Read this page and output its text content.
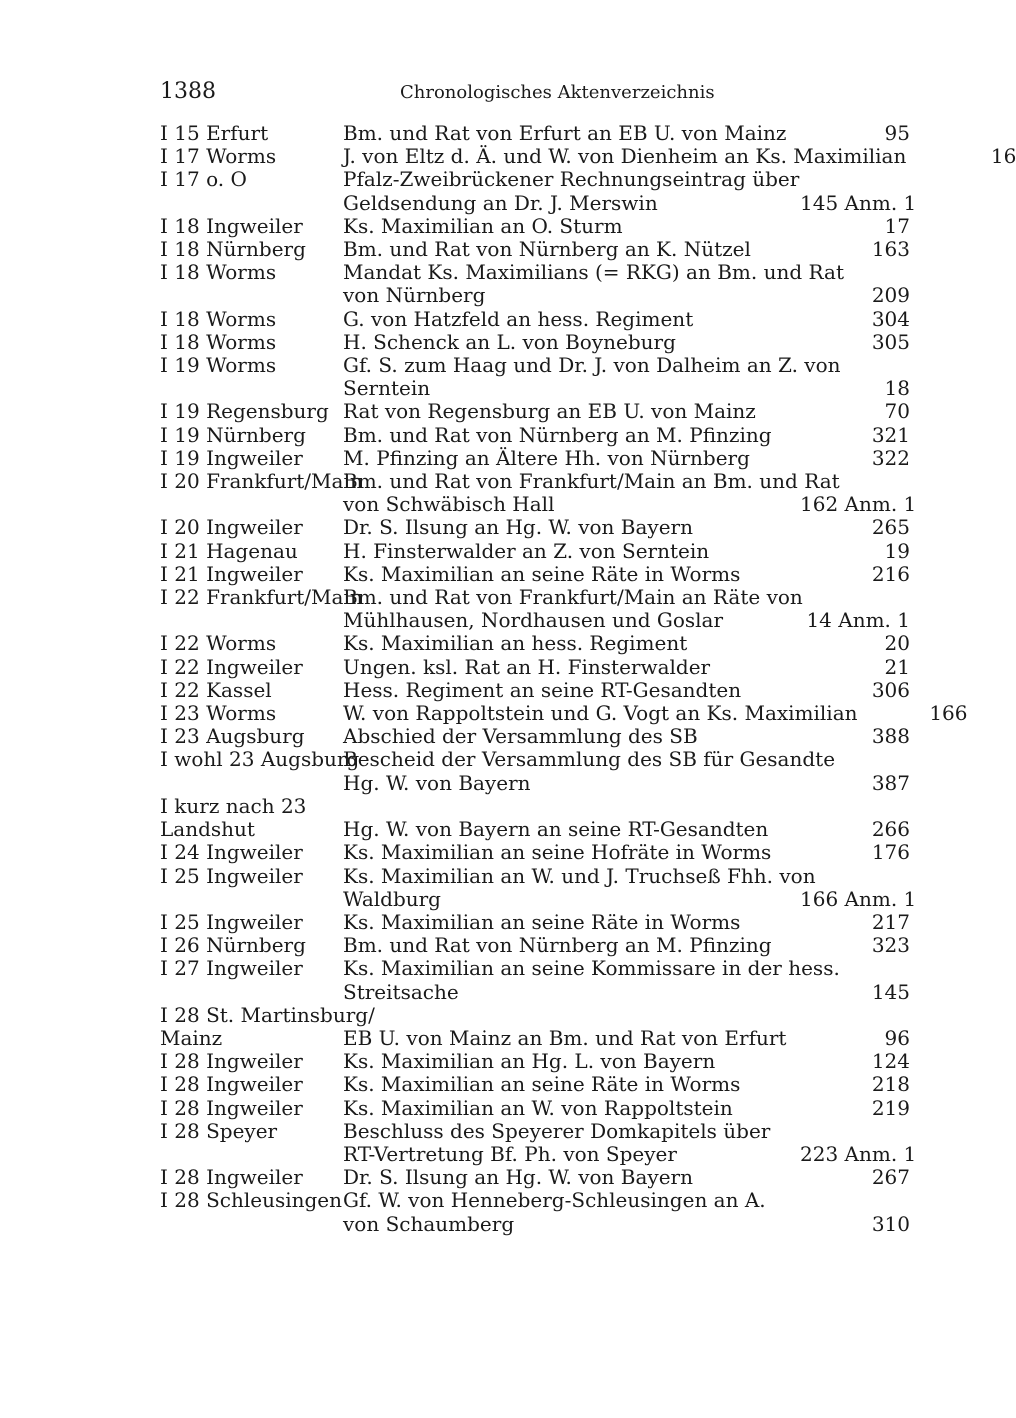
1388	Chronologisches Aktenverzeichnis
I 15 Erfurt	Bm. und Rat von Erfurt an EB U. von Mainz	95
I 17 Worms	J. von Eltz d. Ä. und W. von Dienheim an Ks. Maximilian	16
I 17 o. O	Pfalz-Zweibrückener Rechnungseintrag über

Geldsendung an Dr. J. Merswin	145 Anm. 1
I 18 Ingweiler	Ks. Maximilian an O. Sturm	17
I 18 Nürnberg	Bm. und Rat von Nürnberg an K. Nützel	163
I 18 Worms	Mandat Ks. Maximilians (= RKG) an Bm. und Rat

von Nürnberg	209
I 18 Worms	G. von Hatzfeld an hess. Regiment	304
I 18 Worms	H. Schenck an L. von Boyneburg	305
I 19 Worms	Gf. S. zum Haag und Dr. J. von Dalheim an Z. von

Serntein	18
I 19 Regensburg Rat von Regensburg an EB U. von Mainz	70
I 19 Nürnberg	Bm. und Rat von Nürnberg an M. Pfinzing	321
I 19 Ingweiler	M. Pfinzing an Ältere Hh. von Nürnberg	322
I 20 Frankfurt/Main
Bm. und Rat von Frankfurt/Main an Bm. und Rat

von Schwäbisch Hall	162 Anm. 1
I 20 Ingweiler	Dr. S. Ilsung an Hg. W. von Bayern	265
I 21 Hagenau	H. Finsterwalder an Z. von Serntein	19
I 21 Ingweiler	Ks. Maximilian an seine Räte in Worms	216
I 22 Frankfurt/Main
Bm. und Rat von Frankfurt/Main an Räte von

Mühlhausen, Nordhausen und Goslar	14 Anm. 1
I 22 Worms	Ks. Maximilian an hess. Regiment	20
I 22 Ingweiler	Ungen. ksl. Rat an H. Finsterwalder	21
I 22 Kassel	Hess. Regiment an seine RT-Gesandten	306
I 23 Worms	W. von Rappoltstein und G. Vogt an Ks. Maximilian	166
I 23 Augsburg	Abschied der Versammlung des SB	388
I wohl 23 Augsburg
Bescheid der Versammlung des SB für Gesandte

Hg. W. von Bayern	387
I kurz nach 23

Landshut	Hg. W. von Bayern an seine RT-Gesandten	266
I 24 Ingweiler	Ks. Maximilian an seine Hofräte in Worms	176
I 25 Ingweiler	Ks. Maximilian an W. und J. Truchseß Fhh. von

Waldburg	166 Anm. 1
I 25 Ingweiler	Ks. Maximilian an seine Räte in Worms	217
I 26 Nürnberg	Bm. und Rat von Nürnberg an M. Pfinzing	323
I 27 Ingweiler	Ks. Maximilian an seine Kommissare in der hess.

Streitsache	145
I 28 St. Martinsburg/

Mainz	EB U. von Mainz an Bm. und Rat von Erfurt	96
I 28 Ingweiler	Ks. Maximilian an Hg. L. von Bayern	124
I 28 Ingweiler	Ks. Maximilian an seine Räte in Worms	218
I 28 Ingweiler	Ks. Maximilian an W. von Rappoltstein	219
I 28 Speyer	Beschluss des Speyerer Domkapitels über

RT-Vertretung Bf. Ph. von Speyer	223 Anm. 1
I 28 Ingweiler	Dr. S. Ilsung an Hg. W. von Bayern	267
I 28 Schleusingen Gf. W. von Henneberg-Schleusingen an A.

von Schaumberg	310
